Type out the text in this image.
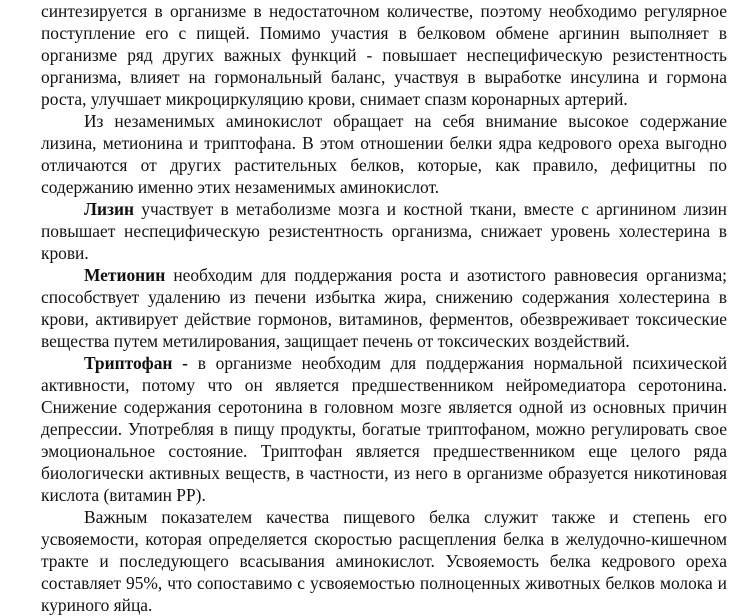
синтезируется в организме в недостаточном количестве, поэтому необходимо регулярное поступление его с пищей. Помимо участия в белковом обмене аргинин выполняет в организме ряд других важных функций - повышает неспецифическую резистентность организма, влияет на гормональный баланс, участвуя в выработке инсулина и гормона роста, улучшает микроциркуляцию крови, снимает спазм коронарных артерий.

Из незаменимых аминокислот обращает на себя внимание высокое содержание лизина, метионина и триптофана. В этом отношении белки ядра кедрового ореха выгодно отличаются от других растительных белков, которые, как правило, дефицитны по содержанию именно этих незаменимых аминокислот.

Лизин участвует в метаболизме мозга и костной ткани, вместе с аргинином лизин повышает неспецифическую резистентность организма, снижает уровень холестерина в крови.

Метионин необходим для поддержания роста и азотистого равновесия организма; способствует удалению из печени избытка жира, снижению содержания холестерина в крови, активирует действие гормонов, витаминов, ферментов, обезвреживает токсические вещества путем метилирования, защищает печень от токсических воздействий.

Триптофан - в организме необходим для поддержания нормальной психической активности, потому что он является предшественником нейромедиатора серотонина. Снижение содержания серотонина в головном мозге является одной из основных причин депрессии. Употребляя в пищу продукты, богатые триптофаном, можно регулировать свое эмоциональное состояние. Триптофан является предшественником еще целого ряда биологически активных веществ, в частности, из него в организме образуется никотиновая кислота (витамин РР).

Важным показателем качества пищевого белка служит также и степень его усвояемости, которая определяется скоростью расщепления белка в желудочно-кишечном тракте и последующего всасывания аминокислот. Усвояемость белка кедрового ореха составляет 95%, что сопоставимо с усвояемостью полноценных животных белков молока и куриного яйца.
